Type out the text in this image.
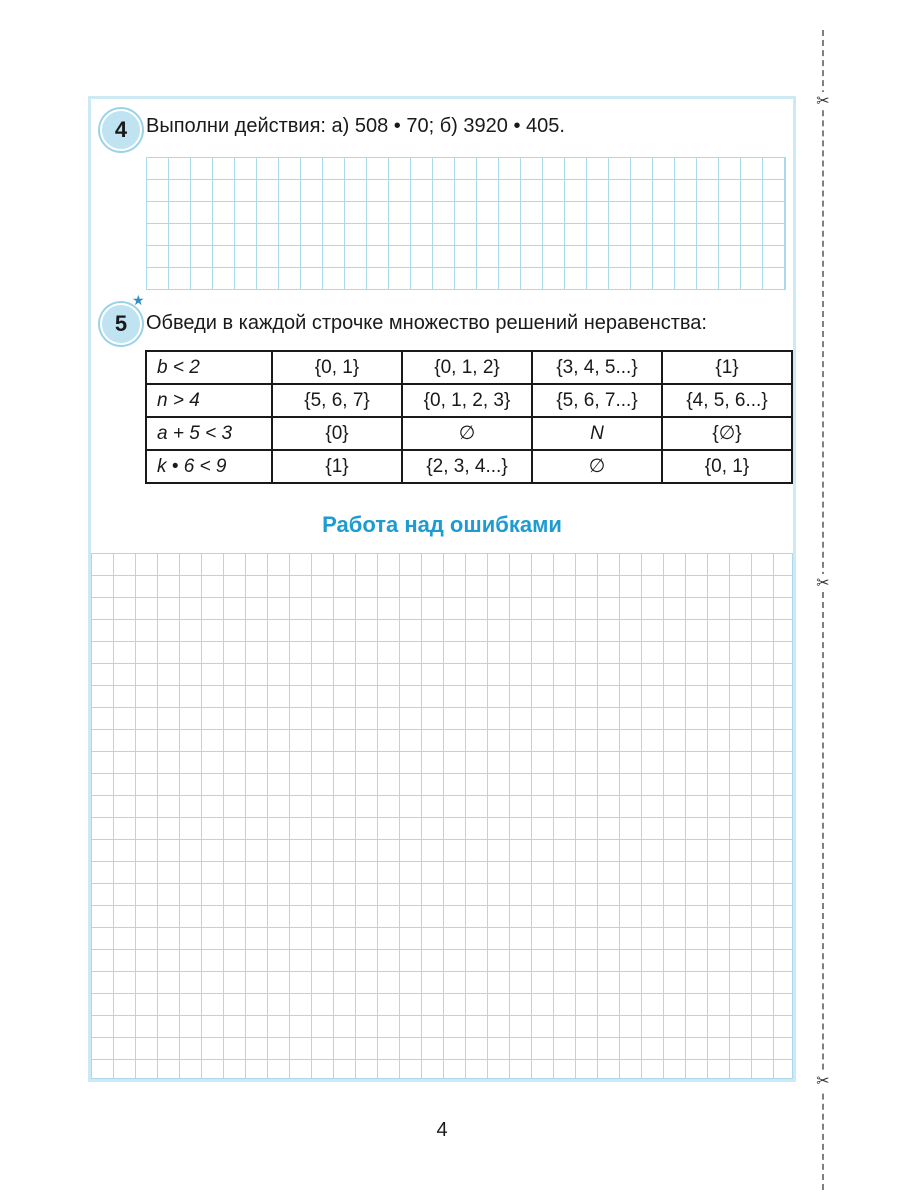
✂
✂
✂
4 Выполни действия: а) 508 • 70; б) 3920 • 405.
5
★
Обведи в каждой строчке множество решений неравенства:
b < 2	{0, 1}	{0, 1, 2}	{3, 4, 5...}	{1}
n > 4	{5, 6, 7}	{0, 1, 2, 3}	{5, 6, 7...}	{4, 5, 6...}
a + 5 < 3	{0}	∅	N	{∅}
k • 6 < 9	{1}	{2, 3, 4...}	∅	{0, 1}
Работа над ошибками
4
